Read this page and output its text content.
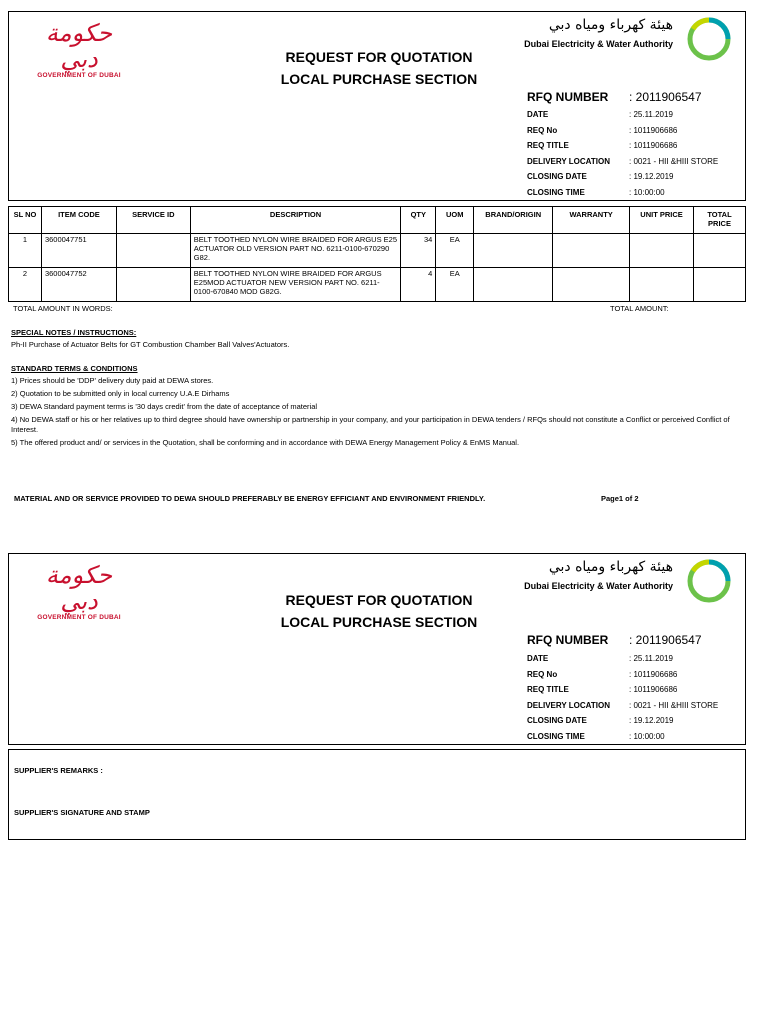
حكومة دبي
GOVERNMENT OF DUBAI
REQUEST FOR QUOTATION
LOCAL PURCHASE SECTION
هيئة كهرباء ومياه دبي
Dubai Electricity & Water Authority
RFQ NUMBER : 2011906547
DATE	: 25.11.2019
REQ No	: 1011906686
REQ TITLE	: 1011906686
DELIVERY LOCATION : 0021 - HII &HIII STORE
CLOSING DATE	: 19.12.2019
CLOSING TIME	: 10:00:00
SL NO	ITEM CODE	SERVICE ID	DESCRIPTION	QTY	UOM	BRAND/ORIGIN	WARRANTY	UNIT PRICE	TOTAL PRICE
1	3600047751		BELT TOOTHED NYLON WIRE BRAIDED FOR ARGUS E25 ACTUATOR OLD VERSION PART NO. 6211-0100-670290 G82.	34	EA				
2	3600047752		BELT TOOTHED NYLON WIRE BRAIDED FOR ARGUS E25MOD ACTUATOR NEW VERSION PART NO. 6211-0100-670840 MOD G82G.	4	EA				
TOTAL AMOUNT IN WORDS:	TOTAL AMOUNT:
SPECIAL NOTES / INSTRUCTIONS:
Ph-II Purchase of Actuator Belts for GT Combustion Chamber Ball Valves'Actuators.
STANDARD TERMS & CONDITIONS
1) Prices should be 'DDP' delivery duty paid at DEWA stores.
2) Quotation to be submitted only in local currency U.A.E Dirhams
3) DEWA Standard payment terms is '30 days credit' from the date of acceptance of material
4) No DEWA staff or his or her relatives up to third degree should have ownership or partnership in your company, and your participation in DEWA tenders / RFQs should not constitute a Conflict or perceived Conflict of Interest.
5) The offered product and/ or services in the Quotation, shall be conforming and in accordance with DEWA Energy Management Policy & EnMS Manual.
MATERIAL AND OR SERVICE PROVIDED TO DEWA SHOULD PREFERABLY BE ENERGY EFFICIANT AND ENVIRONMENT FRIENDLY.	Page1 of 2
حكومة دبي
GOVERNMENT OF DUBAI
REQUEST FOR QUOTATION
LOCAL PURCHASE SECTION
هيئة كهرباء ومياه دبي
Dubai Electricity & Water Authority
RFQ NUMBER : 2011906547
DATE	: 25.11.2019
REQ No	: 1011906686
REQ TITLE	: 1011906686
DELIVERY LOCATION : 0021 - HII &HIII STORE
CLOSING DATE	: 19.12.2019
CLOSING TIME	: 10:00:00
SUPPLIER'S REMARKS :
SUPPLIER'S SIGNATURE AND STAMP
